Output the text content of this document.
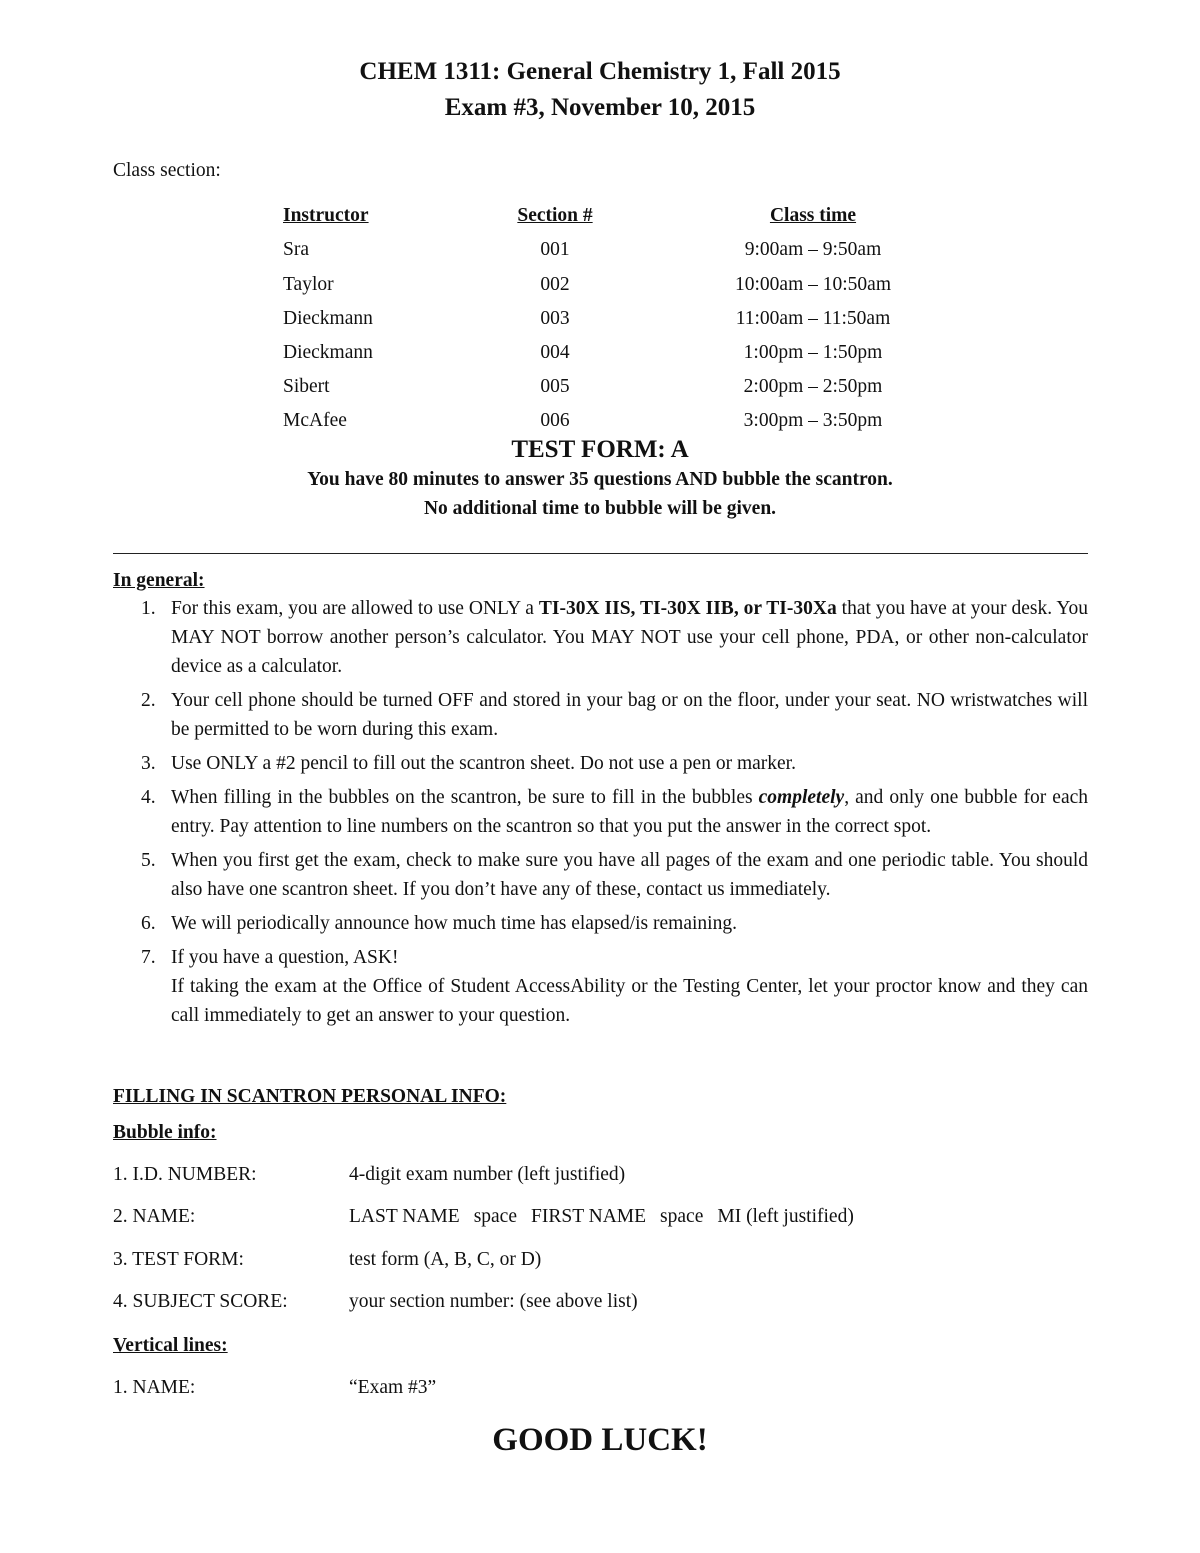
CHEM 1311: General Chemistry 1, Fall 2015
Exam #3, November 10, 2015
Class section:
Instructor	Section #	Class time
Sra	001	9:00am – 9:50am
Taylor	002	10:00am – 10:50am
Dieckmann	003	11:00am – 11:50am
Dieckmann	004	1:00pm – 1:50pm
Sibert	005	2:00pm – 2:50pm
McAfee	006	3:00pm – 3:50pm
TEST FORM: A
You have 80 minutes to answer 35 questions AND bubble the scantron.
No additional time to bubble will be given.
In general:
1. For this exam, you are allowed to use ONLY a TI-30X IIS, TI-30X IIB, or TI-30Xa that you have at your desk. You MAY NOT borrow another person’s calculator. You MAY NOT use your cell phone, PDA, or other non-calculator device as a calculator.
2. Your cell phone should be turned OFF and stored in your bag or on the floor, under your seat. NO wristwatches will be permitted to be worn during this exam.
3. Use ONLY a #2 pencil to fill out the scantron sheet. Do not use a pen or marker.
4. When filling in the bubbles on the scantron, be sure to fill in the bubbles completely, and only one bubble for each entry. Pay attention to line numbers on the scantron so that you put the answer in the correct spot.
5. When you first get the exam, check to make sure you have all pages of the exam and one periodic table. You should also have one scantron sheet. If you don’t have any of these, contact us immediately.
6. We will periodically announce how much time has elapsed/is remaining.
7. If you have a question, ASK!
If taking the exam at the Office of Student AccessAbility or the Testing Center, let your proctor know and they can call immediately to get an answer to your question.
FILLING IN SCANTRON PERSONAL INFO:
Bubble info:
1. I.D. NUMBER:	4-digit exam number (left justified)
2. NAME:	LAST NAME space FIRST NAME space MI (left justified)
3. TEST FORM:	test form (A, B, C, or D)
4. SUBJECT SCORE:	your section number: (see above list)
Vertical lines:
1. NAME:	“Exam #3”
GOOD LUCK!
